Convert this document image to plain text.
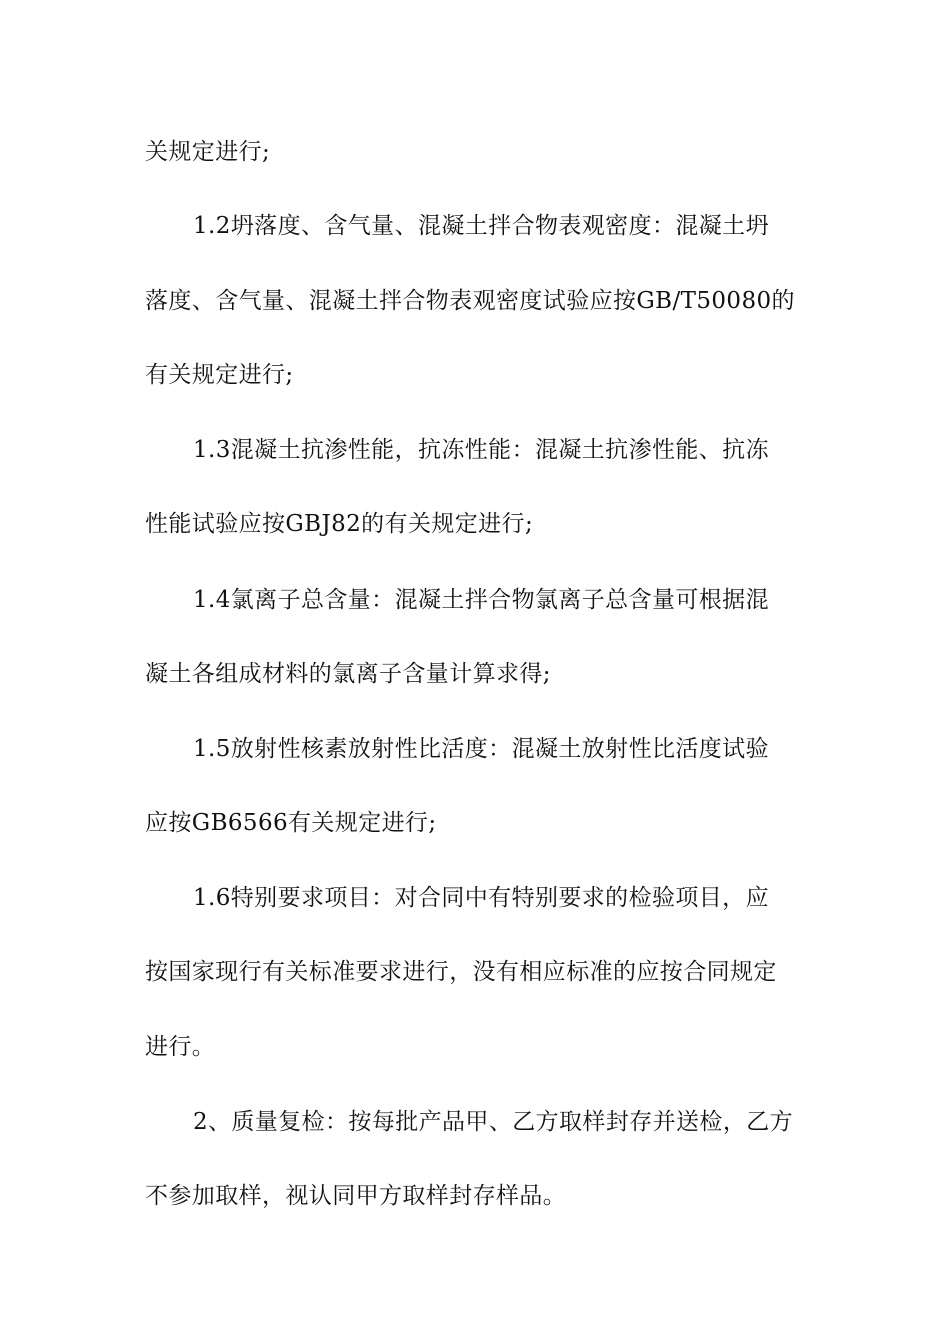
关规定进行;
1.2坍落度、含气量、混凝土拌合物表观密度：混凝土坍
落度、含气量、混凝土拌合物表观密度试验应按GB/T50080的
有关规定进行;
1.3混凝土抗渗性能，抗冻性能：混凝土抗渗性能、抗冻
性能试验应按GBJ82的有关规定进行;
1.4氯离子总含量：混凝土拌合物氯离子总含量可根据混
凝土各组成材料的氯离子含量计算求得;
1.5放射性核素放射性比活度：混凝土放射性比活度试验
应按GB6566有关规定进行;
1.6特别要求项目：对合同中有特别要求的检验项目，应
按国家现行有关标准要求进行，没有相应标准的应按合同规定
进行。
2、质量复检：按每批产品甲、乙方取样封存并送检，乙方
不参加取样，视认同甲方取样封存样品。
